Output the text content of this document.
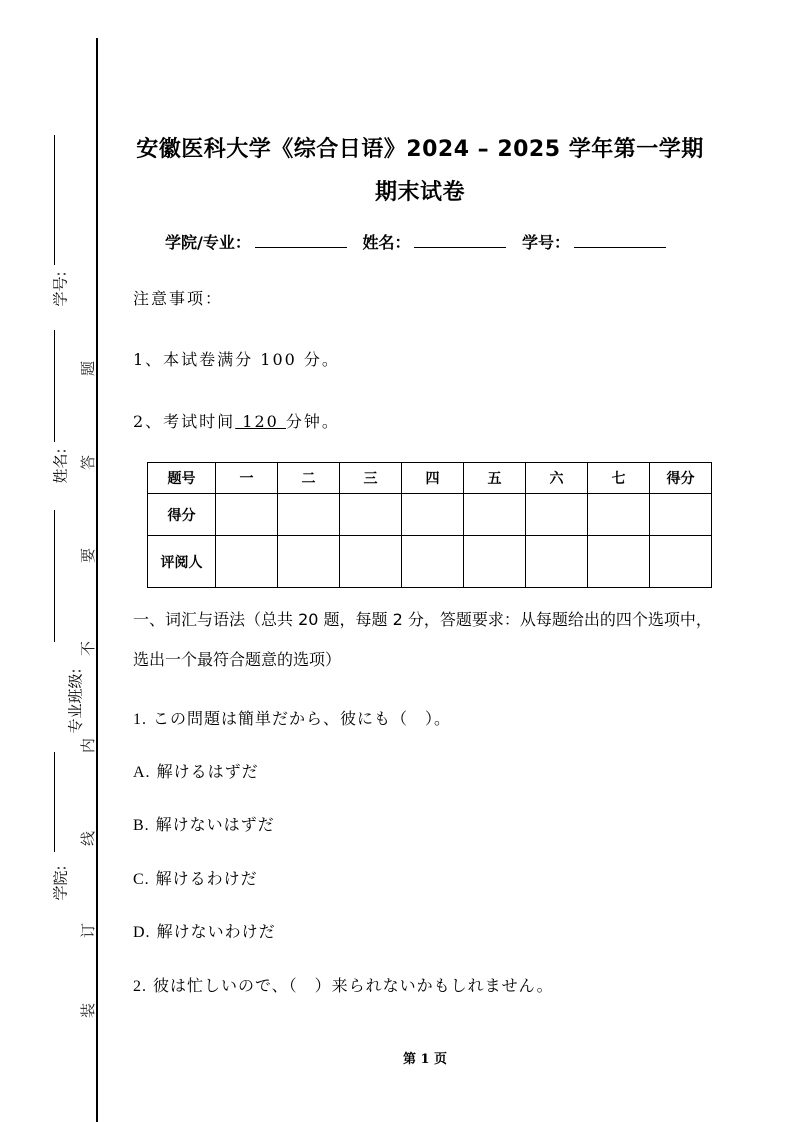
学号:
姓名:
专业班级:
学院:
题
答
要
不
内
线
订
装
安徽医科大学《综合日语》2024 – 2025 学年第一学期
期末试卷
学院/专业：	姓名：	学号：
注意事项：
1、本试卷满分 100 分。
2、考试时间 120 分钟。
题号	一	二	三	四	五	六	七	得分
得分								
评阅人								
一、词汇与语法（总共 20 题，每题 2 分，答题要求：从每题给出的四个选项中，选出一个最符合题意的选项）
1. この問題は簡単だから、彼にも（　）。
A. 解けるはずだ
B. 解けないはずだ
C. 解けるわけだ
D. 解けないわけだ
2. 彼は忙しいので、（　）来られないかもしれません。
第 1 页
